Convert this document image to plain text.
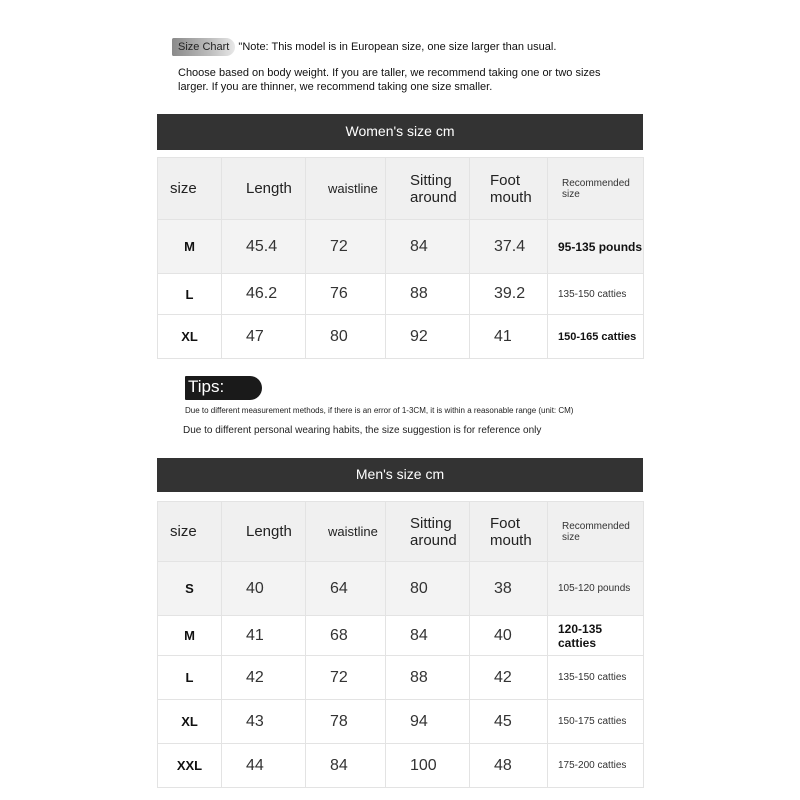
Size Chart "Note: This model is in European size, one size larger than usual.

Choose based on body weight. If you are taller, we recommend taking one or two sizes

larger. If you are thinner, we recommend taking one size smaller.

Women's size cm
size	Length	waistline	Sitting around	Foot mouth	Recommended size
M	45.4	72	84	37.4	95-135 pounds
L	46.2	76	88	39.2	135-150 catties
XL	47	80	92	41	150-165 catties
Tips:
Due to different measurement methods, if there is an error of 1-3CM, it is within a reasonable range (unit: CM)
Due to different personal wearing habits, the size suggestion is for reference only
Men's size cm
size	Length	waistline	Sitting around	Foot mouth	Recommended size
S	40	64	80	38	105-120 pounds
M	41	68	84	40	120-135 catties
L	42	72	88	42	135-150 catties
XL	43	78	94	45	150-175 catties
XXL	44	84	100	48	175-200 catties
